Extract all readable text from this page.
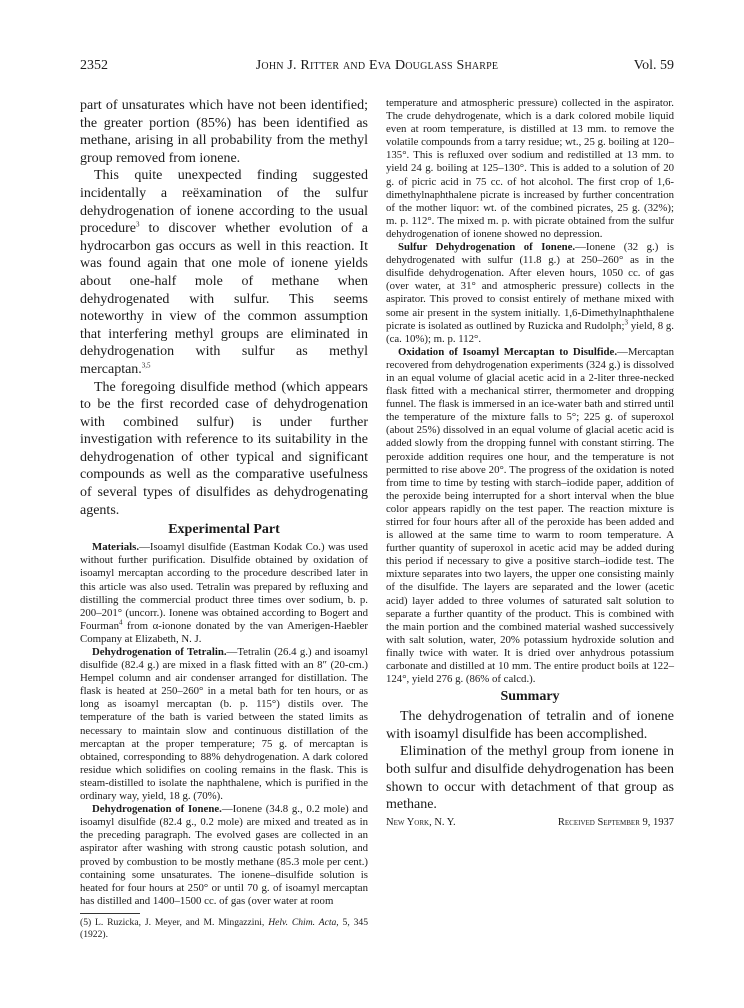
2352	John J. Ritter and Eva Douglass Sharpe	Vol. 59

part of unsaturates which have not been identified; the greater portion (85%) has been identified as methane, arising in all probability from the methyl group removed from ionene.

This quite unexpected finding suggested incidentally a reëxamination of the sulfur dehydrogenation of ionene according to the usual procedure$^3$ to discover whether evolution of a hydrocarbon gas occurs as well in this reaction. It was found again that one mole of ionene yields about one-half mole of methane when dehydrogenated with sulfur. This seems noteworthy in view of the common assumption that interfering methyl groups are eliminated in dehydrogenation with sulfur as methyl mercaptan.$^{3,5}$

The foregoing disulfide method (which appears to be the first recorded case of dehydrogenation with combined sulfur) is under further investigation with reference to its suitability in the dehydrogenation of other typical and significant compounds as well as the comparative usefulness of several types of disulfides as dehydrogenating agents.

Experimental Part

Materials.—Isoamyl disulfide (Eastman Kodak Co.) was used without further purification. Disulfide obtained by oxidation of isoamyl mercaptan according to the procedure described later in this article was also used. Tetralin was prepared by refluxing and distilling the commercial product three times over sodium, b. p. 200–201° (uncorr.). Ionene was obtained according to Bogert and Fourman$^4$ from α-ionone donated by the van Amerigen-Haebler Company at Elizabeth, N. J.

Dehydrogenation of Tetralin.—Tetralin (26.4 g.) and isoamyl disulfide (82.4 g.) are mixed in a flask fitted with an 8″ (20-cm.) Hempel column and air condenser arranged for distillation. The flask is heated at 250–260° in a metal bath for ten hours, or as long as isoamyl mercaptan (b. p. 115°) distils over. The temperature of the bath is varied between the stated limits as necessary to maintain slow and continuous distillation of the mercaptan at the proper temperature; 75 g. of mercaptan is obtained, corresponding to 88% dehydrogenation. A dark colored residue which solidifies on cooling remains in the flask. This is steam-distilled to isolate the naphthalene, which is purified in the ordinary way, yield, 18 g. (70%).

Dehydrogenation of Ionene.—Ionene (34.8 g., 0.2 mole) and isoamyl disulfide (82.4 g., 0.2 mole) are mixed and treated as in the preceding paragraph. The evolved gases are collected in an aspirator after washing with strong caustic potash solution, and proved by combustion to be mostly methane (85.3 mole per cent.) containing some unsaturates. The ionene–disulfide solution is heated for four hours at 250° or until 70 g. of isoamyl mercaptan has distilled and 1400–1500 cc. of gas (over water at room

(5) L. Ruzicka, J. Meyer, and M. Mingazzini, Helv. Chim. Acta, 5, 345 (1922).

temperature and atmospheric pressure) collected in the aspirator. The crude dehydrogenate, which is a dark colored mobile liquid even at room temperature, is distilled at 13 mm. to remove the volatile compounds from a tarry residue; wt., 25 g. boiling at 120–135°. This is refluxed over sodium and redistilled at 13 mm. to yield 24 g. boiling at 125–130°. This is added to a solution of 20 g. of picric acid in 75 cc. of hot alcohol. The first crop of 1,6-dimethylnaphthalene picrate is increased by further concentration of the mother liquor: wt. of the combined picrates, 25 g. (32%); m. p. 112°. The mixed m. p. with picrate obtained from the sulfur dehydrogenation of ionene showed no depression.

Sulfur Dehydrogenation of Ionene.—Ionene (32 g.) is dehydrogenated with sulfur (11.8 g.) at 250–260° as in the disulfide dehydrogenation. After eleven hours, 1050 cc. of gas (over water, at 31° and atmospheric pressure) collects in the aspirator. This proved to consist entirely of methane mixed with some air present in the system initially. 1,6-Dimethylnaphthalene picrate is isolated as outlined by Ruzicka and Rudolph;$^3$ yield, 8 g. (ca. 10%); m. p. 112°.

Oxidation of Isoamyl Mercaptan to Disulfide.—Mercaptan recovered from dehydrogenation experiments (324 g.) is dissolved in an equal volume of glacial acetic acid in a 2-liter three-necked flask fitted with a mechanical stirrer, thermometer and dropping funnel. The flask is immersed in an ice-water bath and stirred until the temperature of the mixture falls to 5°; 225 g. of superoxol (about 25%) dissolved in an equal volume of glacial acetic acid is added slowly from the dropping funnel with constant stirring. The peroxide addition requires one hour, and the temperature is not permitted to rise above 20°. The progress of the oxidation is noted from time to time by testing with starch–iodide paper, addition of the peroxide being interrupted for a short interval when the blue color appears rapidly on the test paper. The reaction mixture is stirred for four hours after all of the peroxide has been added and is allowed at the same time to warm to room temperature. A further quantity of superoxol in acetic acid may be added during this period if necessary to give a positive starch–iodide test. The mixture separates into two layers, the upper one consisting mainly of the disulfide. The layers are separated and the lower (acetic acid) layer added to three volumes of saturated salt solution to separate a further quantity of the product. This is combined with the main portion and the combined material washed successively with salt solution, water, 20% potassium hydroxide solution and finally twice with water. It is dried over anhydrous potassium carbonate and distilled at 10 mm. The entire product boils at 122–124°, yield 276 g. (86% of calcd.).

Summary

The dehydrogenation of tetralin and of ionene with isoamyl disulfide has been accomplished.

Elimination of the methyl group from ionene in both sulfur and disulfide dehydrogenation has been shown to occur with detachment of that group as methane.

New York, N. Y.	Received September 9, 1937
